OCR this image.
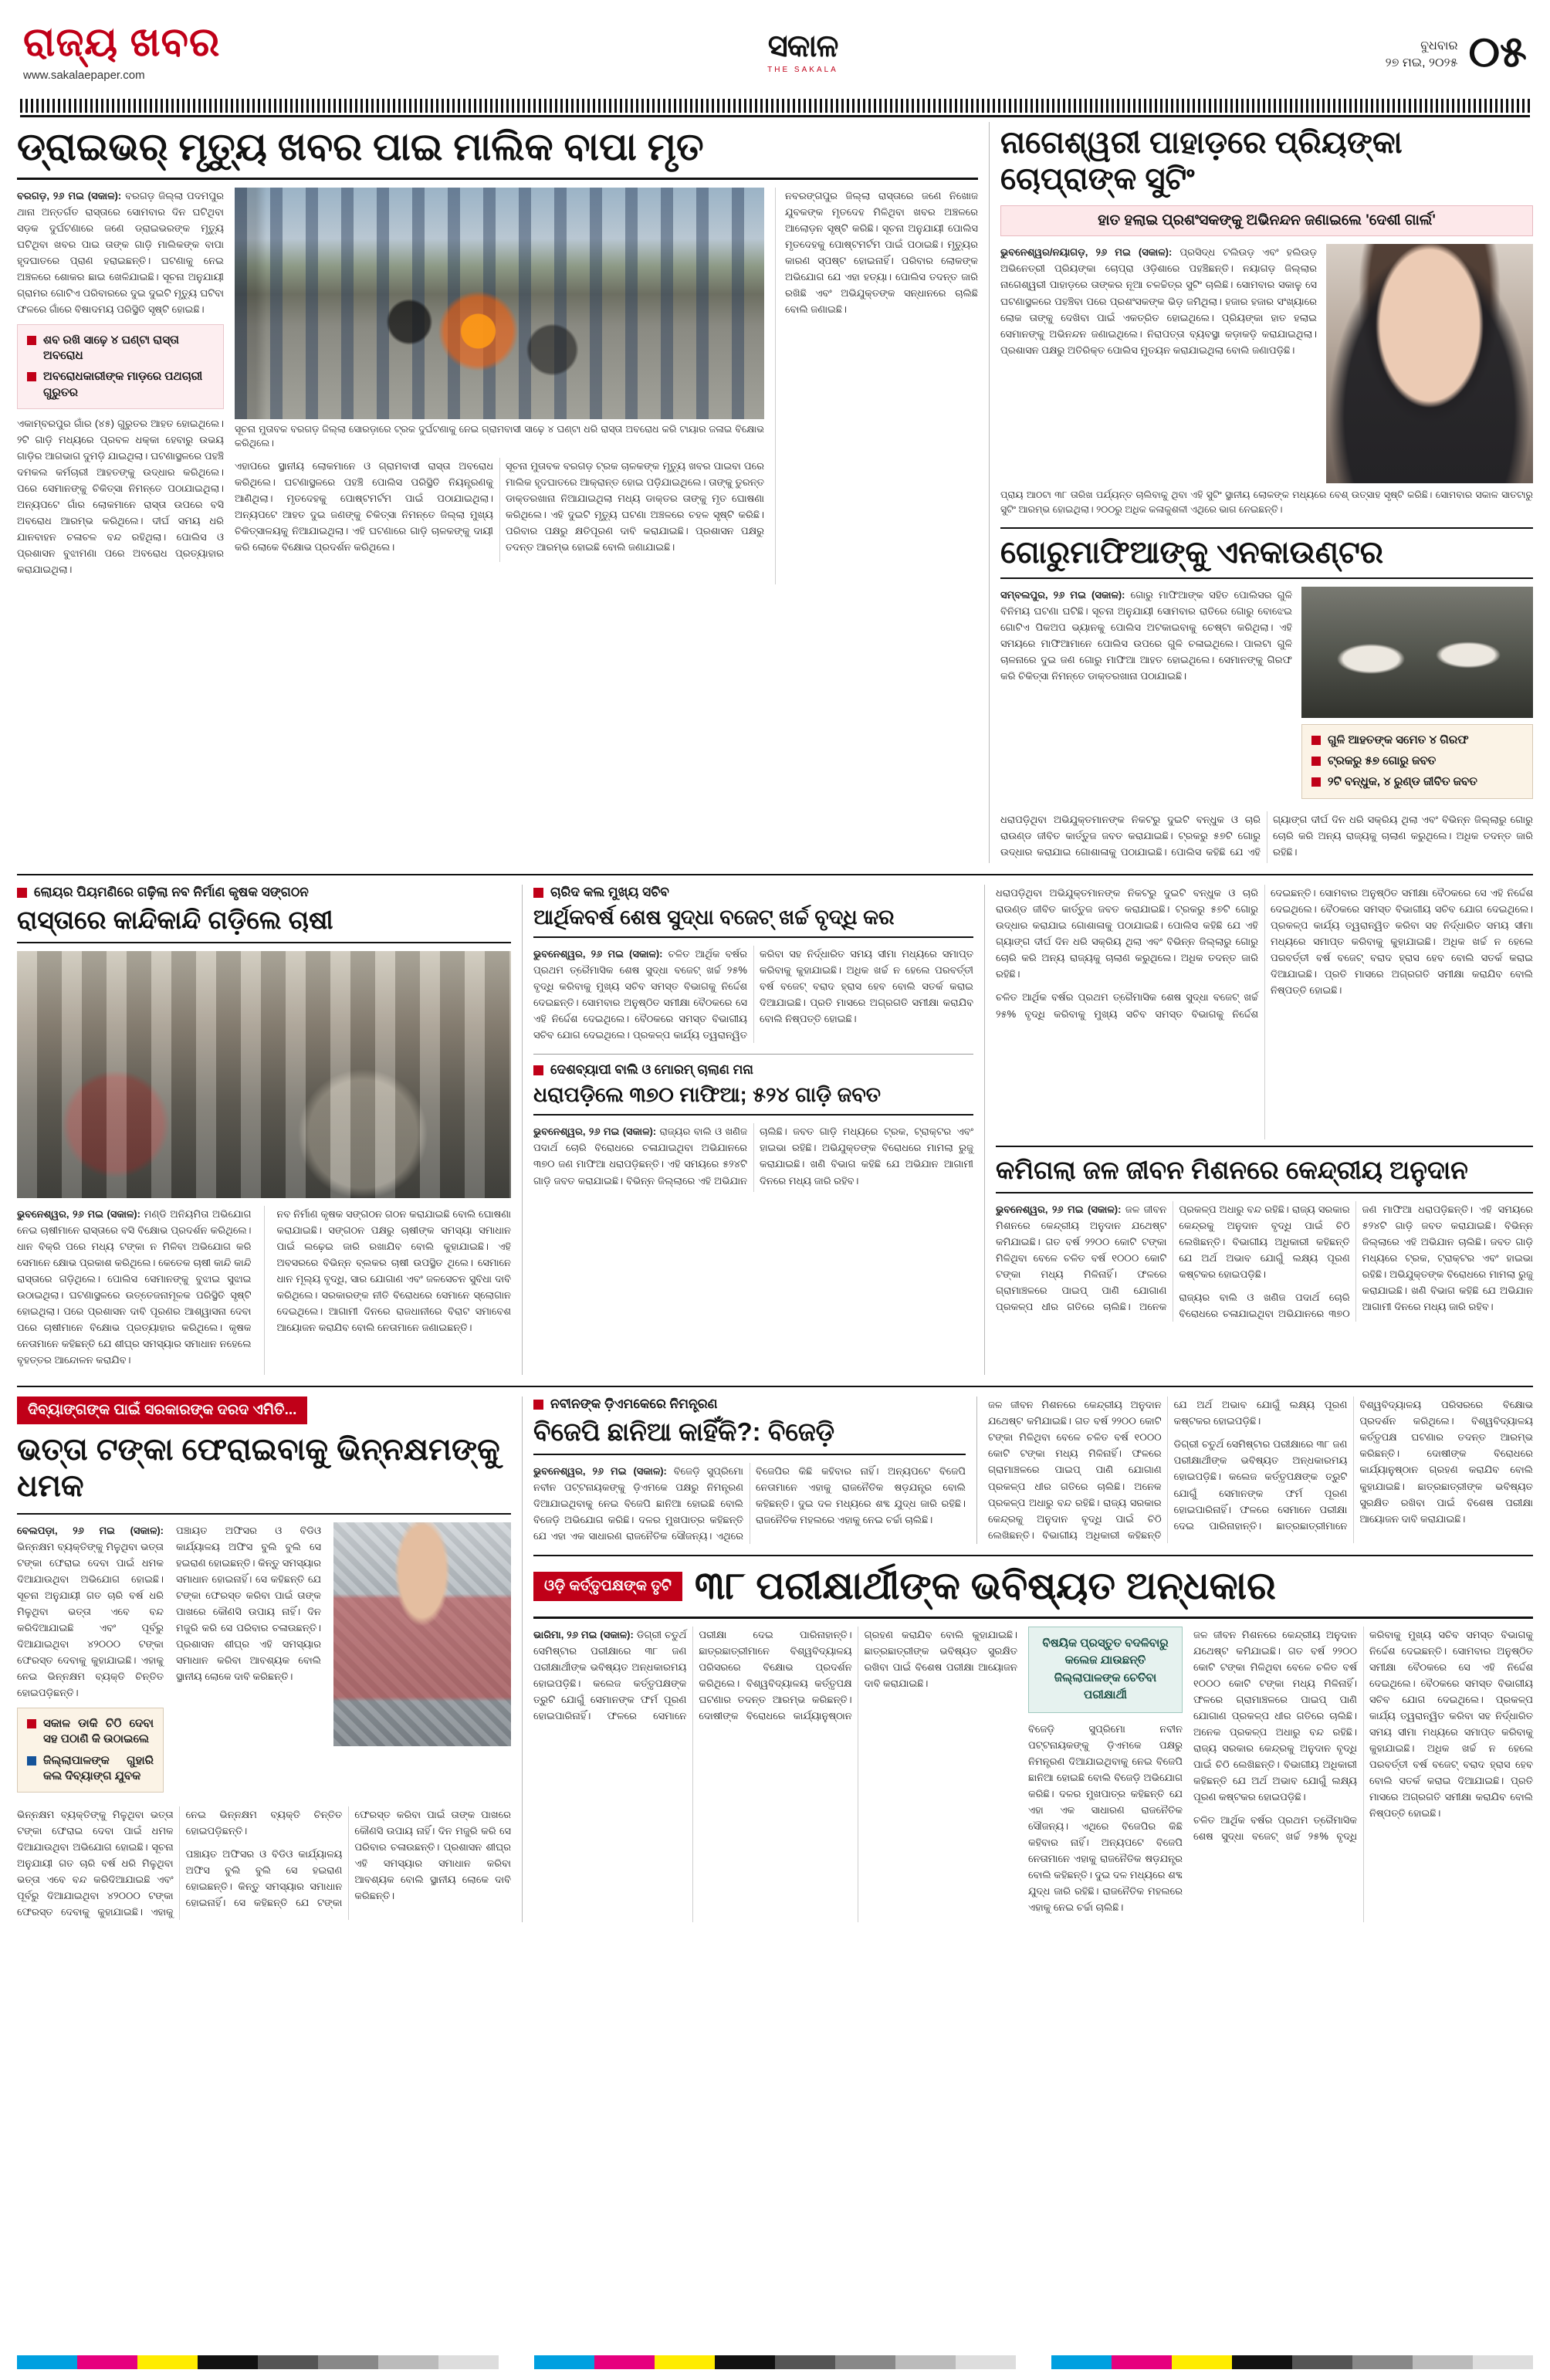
ରାଜ୍ୟ ଖବର
www.sakalaepaper.com
ସକାଳ
THE SAKALA
ବୁଧବାର
୨୭ ମଇ, ୨୦୨୫ ୦୫
ଡ୍ରାଇଭର୍ ମୃତ୍ୟୁ ଖବର ପାଇ ମାଲିକ ବାପା ମୃତ

ବରଗଡ଼, ୨୬ ମଇ (ସକାଳ): ବରଗଡ଼ ଜିଲ୍ଲା ପଦମପୁର ଥାନା ଅନ୍ତର୍ଗତ ରାସ୍ତାରେ ସୋମବାର ଦିନ ଘଟିଥିବା ସଡ଼କ ଦୁର୍ଘଟଣାରେ ଜଣେ ଡ୍ରାଇଭରଙ୍କ ମୃତ୍ୟୁ ଘଟିଥିବା ଖବର ପାଇ ତାଙ୍କ ଗାଡ଼ି ମାଲିକଙ୍କ ବାପା ହୃଦଘାତରେ ପ୍ରାଣ ହରାଇଛନ୍ତି। ଘଟଣାକୁ ନେଇ ଅଞ୍ଚଳରେ ଶୋକର ଛାଇ ଖେଳିଯାଇଛି। ସୂଚନା ଅନୁଯାୟୀ ଗ୍ରାମର ଗୋଟିଏ ପରିବାରରେ ଦୁଇ ଦୁଇଟି ମୃତ୍ୟୁ ଘଟିବା ଫଳରେ ଗାଁରେ ବିଷାଦମୟ ପରିସ୍ଥିତି ସୃଷ୍ଟି ହୋଇଛି।

ଶବ ରଖି ସାଢ଼େ ୪ ଘଣ୍ଟା ରାସ୍ତା ଅବରୋଧ
ଅବରୋଧକାରୀଙ୍କ ମାଡ଼ରେ ପଥଚାରୀ ଗୁରୁତର

ଏକାମ୍ବରପୁର ଗାଁର (୪୫) ଗୁରୁତର ଆହତ ହୋଇଥିଲେ। ୨ଟି ଗାଡ଼ି ମଧ୍ୟରେ ପ୍ରବଳ ଧକ୍କା ହେବାରୁ ଉଭୟ ଗାଡ଼ିର ଆଗଭାଗ ଦୁମଡ଼ି ଯାଇଥିଲା। ଘଟଣାସ୍ଥଳରେ ପହଞ୍ଚି ଦମକଲ କର୍ମଚାରୀ ଆହତଙ୍କୁ ଉଦ୍ଧାର କରିଥିଲେ। ପରେ ସେମାନଙ୍କୁ ଚିକିତ୍ସା ନିମନ୍ତେ ପଠାଯାଇଥିଲା। ଅନ୍ୟପଟେ ଗାଁର ଲୋକମାନେ ରାସ୍ତା ଉପରେ ବସି ଅବରୋଧ ଆରମ୍ଭ କରିଥିଲେ। ଦୀର୍ଘ ସମୟ ଧରି ଯାନବାହନ ଚଳାଚଳ ବନ୍ଦ ରହିଥିଲା। ପୋଲିସ ଓ ପ୍ରଶାସନ ବୁଝାମଣା ପରେ ଅବରୋଧ ପ୍ରତ୍ୟାହାର କରାଯାଇଥିଲା।

ସୂଚନା ମୁତାବକ ବରଗଡ଼ ଜିଲ୍ଲା ସୋରଡ଼ାରେ ଟ୍ରକ ଦୁର୍ଘଟଣାକୁ ନେଇ ଗ୍ରାମବାସୀ ସାଢ଼େ ୪ ଘଣ୍ଟା ଧରି ରାସ୍ତା ଅବରୋଧ କରି ଟାୟାର ଜଳାଇ ବିକ୍ଷୋଭ କରିଥିଲେ।

ଏହାପରେ ସ୍ଥାନୀୟ ଲୋକମାନେ ଓ ଗ୍ରାମବାସୀ ରାସ୍ତା ଅବରୋଧ କରିଥିଲେ। ଘଟଣାସ୍ଥଳରେ ପହଞ୍ଚି ପୋଲିସ ପରିସ୍ଥିତି ନିୟନ୍ତ୍ରଣକୁ ଆଣିଥିଲା। ମୃତଦେହକୁ ପୋଷ୍ଟମର୍ଟମ ପାଇଁ ପଠାଯାଇଥିଲା। ଅନ୍ୟପଟେ ଆହତ ଦୁଇ ଜଣଙ୍କୁ ଚିକିତ୍ସା ନିମନ୍ତେ ଜିଲ୍ଲା ମୁଖ୍ୟ ଚିକିତ୍ସାଳୟକୁ ନିଆଯାଇଥିଲା। ଏହି ଘଟଣାରେ ଗାଡ଼ି ଚାଳକଙ୍କୁ ଦାୟୀ କରି ଲୋକେ ବିକ୍ଷୋଭ ପ୍ରଦର୍ଶନ କରିଥିଲେ।

ସୂଚନା ମୁତାବକ ବରଗଡ଼ ଟ୍ରକ ଚାଳକଙ୍କ ମୃତ୍ୟୁ ଖବର ପାଇବା ପରେ ମାଲିକ ହୃଦଘାତରେ ଆକ୍ରାନ୍ତ ହୋଇ ପଡ଼ିଯାଇଥିଲେ। ତାଙ୍କୁ ତୁରନ୍ତ ଡାକ୍ତରଖାନା ନିଆଯାଇଥିଲା ମଧ୍ୟ ଡାକ୍ତର ତାଙ୍କୁ ମୃତ ଘୋଷଣା କରିଥିଲେ। ଏହି ଦୁଇଟି ମୃତ୍ୟୁ ଘଟଣା ଅଞ୍ଚଳରେ ଚହଳ ସୃଷ୍ଟି କରିଛି। ପରିବାର ପକ୍ଷରୁ କ୍ଷତିପୂରଣ ଦାବି କରାଯାଇଛି। ପ୍ରଶାସନ ପକ୍ଷରୁ ତଦନ୍ତ ଆରମ୍ଭ ହୋଇଛି ବୋଲି ଜଣାଯାଇଛି।

ନବରଙ୍ଗପୁର ଜିଲ୍ଲା ରାସ୍ତାରେ ଜଣେ ନିଖୋଜ ଯୁବକଙ୍କ ମୃତଦେହ ମିଳିଥିବା ଖବର ଅଞ୍ଚଳରେ ଆଲୋଡ଼ନ ସୃଷ୍ଟି କରିଛି। ସୂଚନା ଅନୁଯାୟୀ ପୋଲିସ ମୃତଦେହକୁ ପୋଷ୍ଟମର୍ଟମ ପାଇଁ ପଠାଇଛି। ମୃତ୍ୟୁର କାରଣ ସ୍ପଷ୍ଟ ହୋଇନାହିଁ। ପରିବାର ଲୋକଙ୍କ ଅଭିଯୋଗ ଯେ ଏହା ହତ୍ୟା। ପୋଲିସ ତଦନ୍ତ ଜାରି ରଖିଛି ଏବଂ ଅଭିଯୁକ୍ତଙ୍କ ସନ୍ଧାନରେ ଚାଲିଛି ବୋଲି ଜଣାଇଛି।

ନାଗେଶ୍ୱରୀ ପାହାଡ଼ରେ ପ୍ରିୟଙ୍କା ଚୋପ୍ରାଙ୍କ ସୁଟିଂ
ହାତ ହଲାଇ ପ୍ରଶଂସକଙ୍କୁ ଅଭିନନ୍ଦନ ଜଣାଇଲେ 'ଦେଶୀ ଗାର୍ଲ'

ଭୁବନେଶ୍ୱର/ନୟାଗଡ଼, ୨୬ ମଇ (ସକାଳ): ପ୍ରସିଦ୍ଧ ଟଲିଉଡ଼ ଏବଂ ହଲିଉଡ଼ ଅଭିନେତ୍ରୀ ପ୍ରିୟଙ୍କା ଚୋପ୍ରା ଓଡ଼ିଶାରେ ପହଞ୍ଚିଛନ୍ତି। ନୟାଗଡ଼ ଜିଲ୍ଲାର ନାଗେଶ୍ୱରୀ ପାହାଡ଼ରେ ତାଙ୍କର ନୂଆ ଚଳଚ୍ଚିତ୍ର ସୁଟିଂ ଚାଲିଛି। ସୋମବାର ସକାଳୁ ସେ ଘଟଣାସ୍ଥଳରେ ପହଞ୍ଚିବା ପରେ ପ୍ରଶଂସକଙ୍କ ଭିଡ଼ ଜମିଥିଲା। ହଜାର ହଜାର ସଂଖ୍ୟାରେ ଲୋକ ତାଙ୍କୁ ଦେଖିବା ପାଇଁ ଏକତ୍ରିତ ହୋଇଥିଲେ। ପ୍ରିୟଙ୍କା ହାତ ହଲାଇ ସେମାନଙ୍କୁ ଅଭିନନ୍ଦନ ଜଣାଇଥିଲେ। ନିରାପତ୍ତା ବ୍ୟବସ୍ଥା କଡ଼ାକଡ଼ି କରାଯାଇଥିଲା। ପ୍ରଶାସନ ପକ୍ଷରୁ ଅତିରିକ୍ତ ପୋଲିସ ମୁତୟନ କରାଯାଇଥିଲା ବୋଲି ଜଣାପଡ଼ିଛି।

ପ୍ରାୟ ଆଠଟା ୩୮ ତାରିଖ ପର୍ଯ୍ୟନ୍ତ ଚାଲିବାକୁ ଥିବା ଏହି ସୁଟିଂ ସ୍ଥାନୀୟ ଲୋକଙ୍କ ମଧ୍ୟରେ ବେଶ୍ ଉତ୍ସାହ ସୃଷ୍ଟି କରିଛି। ସୋମବାର ସକାଳ ସାତଟାରୁ ସୁଟିଂ ଆରମ୍ଭ ହୋଇଥିଲା। ୨୦୦ରୁ ଅଧିକ କଳାକୁଶଳୀ ଏଥିରେ ଭାଗ ନେଇଛନ୍ତି।
ଗୋରୁମାଫିଆଙ୍କୁ ଏନକାଉଣ୍ଟର

ସମ୍ବଲପୁର, ୨୬ ମଇ (ସକାଳ): ଗୋରୁ ମାଫିଆଙ୍କ ସହିତ ପୋଲିସର ଗୁଳି ବିନିମୟ ଘଟଣା ଘଟିଛି। ସୂଚନା ଅନୁଯାୟୀ ସୋମବାର ରାତିରେ ଗୋରୁ ବୋଝେଇ ଗୋଟିଏ ପିକଅପ ଭ୍ୟାନକୁ ପୋଲିସ ଅଟକାଇବାକୁ ଚେଷ୍ଟା କରିଥିଲା। ଏହି ସମୟରେ ମାଫିଆମାନେ ପୋଲିସ ଉପରେ ଗୁଳି ଚଳାଇଥିଲେ। ପାଲଟା ଗୁଳି ଚାଳନାରେ ଦୁଇ ଜଣ ଗୋରୁ ମାଫିଆ ଆହତ ହୋଇଥିଲେ। ସେମାନଙ୍କୁ ଗିରଫ କରି ଚିକିତ୍ସା ନିମନ୍ତେ ଡାକ୍ତରଖାନା ପଠାଯାଇଛି।

ଗୁଳି ଆହତଙ୍କ ସମେତ ୪ ଗିରଫ
ଟ୍ରକରୁ ୫୭ ଗୋରୁ ଜବତ
୨ଟି ବନ୍ଧୁକ, ୪ ରୁଣ୍ଡ ଜୀବିତ ଜବତ

ଧରାପଡ଼ିଥିବା ଅଭିଯୁକ୍ତମାନଙ୍କ ନିକଟରୁ ଦୁଇଟି ବନ୍ଧୁକ ଓ ଚାରି ରାଉଣ୍ଡ ଜୀବିତ କାର୍ତ୍ତୁଜ ଜବତ କରାଯାଇଛି। ଟ୍ରକରୁ ୫୭ଟି ଗୋରୁ ଉଦ୍ଧାର କରାଯାଇ ଗୋଶାଳାକୁ ପଠାଯାଇଛି। ପୋଲିସ କହିଛି ଯେ ଏହି ଗ୍ୟାଙ୍ଗ ଦୀର୍ଘ ଦିନ ଧରି ସକ୍ରିୟ ଥିଲା ଏବଂ ବିଭିନ୍ନ ଜିଲ୍ଲାରୁ ଗୋରୁ ଚୋରି କରି ଅନ୍ୟ ରାଜ୍ୟକୁ ଚାଲାଣ କରୁଥିଲେ। ଅଧିକ ତଦନ୍ତ ଜାରି ରହିଛି।

ଲୋୟର ପିୟମଣିରେ ଗଢ଼ିଲା ନବ ନିର୍ମାଣ କୃଷକ ସଙ୍ଗଠନ
ରାସ୍ତାରେ କାନ୍ଦିକାନ୍ଦି ଗଡ଼ିଲେ ଚାଷୀ

ଭୁବନେଶ୍ୱର, ୨୬ ମଇ (ସକାଳ): ମଣ୍ଡି ଅନିୟମିତା ଅଭିଯୋଗ ନେଇ ଚାଷୀମାନେ ରାସ୍ତାରେ ବସି ବିକ୍ଷୋଭ ପ୍ରଦର୍ଶନ କରିଥିଲେ। ଧାନ ବିକ୍ରି ପରେ ମଧ୍ୟ ଟଙ୍କା ନ ମିଳିବା ଅଭିଯୋଗ କରି ସେମାନେ କ୍ଷୋଭ ପ୍ରକାଶ କରିଥିଲେ। କେତେକ ଚାଷୀ କାନ୍ଦି କାନ୍ଦି ରାସ୍ତାରେ ଗଡ଼ିଥିଲେ। ପୋଲିସ ସେମାନଙ୍କୁ ବୁଝାଇ ସୁଝାଇ ଉଠାଇଥିଲା। ଘଟଣାସ୍ଥଳରେ ଉତ୍ତେଜନାମୂଳକ ପରିସ୍ଥିତି ସୃଷ୍ଟି ହୋଇଥିଲା। ପରେ ପ୍ରଶାସନ ଦାବି ପୂରଣର ଆଶ୍ୱାସନା ଦେବା ପରେ ଚାଷୀମାନେ ବିକ୍ଷୋଭ ପ୍ରତ୍ୟାହାର କରିଥିଲେ। କୃଷକ ନେତାମାନେ କହିଛନ୍ତି ଯେ ଶୀଘ୍ର ସମସ୍ୟାର ସମାଧାନ ନହେଲେ ବୃହତ୍ତର ଆନ୍ଦୋଳନ କରାଯିବ।

ନବ ନିର୍ମାଣ କୃଷକ ସଙ୍ଗଠନ ଗଠନ କରାଯାଇଛି ବୋଲି ଘୋଷଣା କରାଯାଇଛି। ସଙ୍ଗଠନ ପକ୍ଷରୁ ଚାଷୀଙ୍କ ସମସ୍ୟା ସମାଧାନ ପାଇଁ ଲଢ଼େଇ ଜାରି ରଖାଯିବ ବୋଲି କୁହାଯାଇଛି। ଏହି ଅବସରରେ ବିଭିନ୍ନ ବ୍ଲକର ଚାଷୀ ଉପସ୍ଥିତ ଥିଲେ। ସେମାନେ ଧାନ ମୂଲ୍ୟ ବୃଦ୍ଧି, ସାର ଯୋଗାଣ ଏବଂ ଜଳସେଚନ ସୁବିଧା ଦାବି କରିଥିଲେ। ସରକାରଙ୍କ ନୀତି ବିରୋଧରେ ସେମାନେ ସ୍ଲୋଗାନ ଦେଇଥିଲେ। ଆଗାମୀ ଦିନରେ ରାଜଧାନୀରେ ବିରାଟ ସମାବେଶ ଆୟୋଜନ କରାଯିବ ବୋଲି ନେତାମାନେ ଜଣାଇଛନ୍ତି।

ଚାରିଦ କଲ ମୁଖ୍ୟ ସଚିବ
ଆର୍ଥିକବର୍ଷ ଶେଷ ସୁଦ୍ଧା ବଜେଟ୍ ଖର୍ଚ୍ଚ ବୃଦ୍ଧି କର

ଭୁବନେଶ୍ୱର, ୨୬ ମଇ (ସକାଳ): ଚଳିତ ଆର୍ଥିକ ବର୍ଷର ପ୍ରଥମ ତ୍ରୈମାସିକ ଶେଷ ସୁଦ୍ଧା ବଜେଟ୍ ଖର୍ଚ୍ଚ ୨୫% ବୃଦ୍ଧି କରିବାକୁ ମୁଖ୍ୟ ସଚିବ ସମସ୍ତ ବିଭାଗକୁ ନିର୍ଦ୍ଦେଶ ଦେଇଛନ୍ତି। ସୋମବାର ଅନୁଷ୍ଠିତ ସମୀକ୍ଷା ବୈଠକରେ ସେ ଏହି ନିର୍ଦ୍ଦେଶ ଦେଇଥିଲେ। ବୈଠକରେ ସମସ୍ତ ବିଭାଗୀୟ ସଚିବ ଯୋଗ ଦେଇଥିଲେ। ପ୍ରକଳ୍ପ କାର୍ଯ୍ୟ ତ୍ୱରାନ୍ୱିତ କରିବା ସହ ନିର୍ଦ୍ଧାରିତ ସମୟ ସୀମା ମଧ୍ୟରେ ସମାପ୍ତ କରିବାକୁ କୁହାଯାଇଛି। ଅଧିକ ଖର୍ଚ୍ଚ ନ ହେଲେ ପରବର୍ତ୍ତୀ ବର୍ଷ ବଜେଟ୍ ବରାଦ ହ୍ରାସ ହେବ ବୋଲି ସତର୍କ କରାଇ ଦିଆଯାଇଛି। ପ୍ରତି ମାସରେ ଅଗ୍ରଗତି ସମୀକ୍ଷା କରାଯିବ ବୋଲି ନିଷ୍ପତ୍ତି ହୋଇଛି।

ଦେଶବ୍ୟାପୀ ବାଲି ଓ ମୋରମ୍ ଚାଲାଣ ମନା
ଧରାପଡ଼ିଲେ ୩୭୦ ମାଫିଆ; ୫୨୪ ଗାଡ଼ି ଜବତ

ଭୁବନେଶ୍ୱର, ୨୬ ମଇ (ସକାଳ): ରାଜ୍ୟର ବାଲି ଓ ଖଣିଜ ପଦାର୍ଥ ଚୋରି ବିରୋଧରେ ଚଳାଯାଇଥିବା ଅଭିଯାନରେ ୩୭୦ ଜଣ ମାଫିଆ ଧରାପଡ଼ିଛନ୍ତି। ଏହି ସମୟରେ ୫୨୪ଟି ଗାଡ଼ି ଜବତ କରାଯାଇଛି। ବିଭିନ୍ନ ଜିଲ୍ଲାରେ ଏହି ଅଭିଯାନ ଚାଲିଛି। ଜବତ ଗାଡ଼ି ମଧ୍ୟରେ ଟ୍ରକ, ଟ୍ରାକ୍ଟର ଏବଂ ହାଇଭା ରହିଛି। ଅଭିଯୁକ୍ତଙ୍କ ବିରୋଧରେ ମାମଲା ରୁଜୁ କରାଯାଇଛି। ଖଣି ବିଭାଗ କହିଛି ଯେ ଅଭିଯାନ ଆଗାମୀ ଦିନରେ ମଧ୍ୟ ଜାରି ରହିବ।

ଧରାପଡ଼ିଥିବା ଅଭିଯୁକ୍ତମାନଙ୍କ ନିକଟରୁ ଦୁଇଟି ବନ୍ଧୁକ ଓ ଚାରି ରାଉଣ୍ଡ ଜୀବିତ କାର୍ତ୍ତୁଜ ଜବତ କରାଯାଇଛି। ଟ୍ରକରୁ ୫୭ଟି ଗୋରୁ ଉଦ୍ଧାର କରାଯାଇ ଗୋଶାଳାକୁ ପଠାଯାଇଛି। ପୋଲିସ କହିଛି ଯେ ଏହି ଗ୍ୟାଙ୍ଗ ଦୀର୍ଘ ଦିନ ଧରି ସକ୍ରିୟ ଥିଲା ଏବଂ ବିଭିନ୍ନ ଜିଲ୍ଲାରୁ ଗୋରୁ ଚୋରି କରି ଅନ୍ୟ ରାଜ୍ୟକୁ ଚାଲାଣ କରୁଥିଲେ। ଅଧିକ ତଦନ୍ତ ଜାରି ରହିଛି।

ଚଳିତ ଆର୍ଥିକ ବର୍ଷର ପ୍ରଥମ ତ୍ରୈମାସିକ ଶେଷ ସୁଦ୍ଧା ବଜେଟ୍ ଖର୍ଚ୍ଚ ୨୫% ବୃଦ୍ଧି କରିବାକୁ ମୁଖ୍ୟ ସଚିବ ସମସ୍ତ ବିଭାଗକୁ ନିର୍ଦ୍ଦେଶ ଦେଇଛନ୍ତି। ସୋମବାର ଅନୁଷ୍ଠିତ ସମୀକ୍ଷା ବୈଠକରେ ସେ ଏହି ନିର୍ଦ୍ଦେଶ ଦେଇଥିଲେ। ବୈଠକରେ ସମସ୍ତ ବିଭାଗୀୟ ସଚିବ ଯୋଗ ଦେଇଥିଲେ। ପ୍ରକଳ୍ପ କାର୍ଯ୍ୟ ତ୍ୱରାନ୍ୱିତ କରିବା ସହ ନିର୍ଦ୍ଧାରିତ ସମୟ ସୀମା ମଧ୍ୟରେ ସମାପ୍ତ କରିବାକୁ କୁହାଯାଇଛି। ଅଧିକ ଖର୍ଚ୍ଚ ନ ହେଲେ ପରବର୍ତ୍ତୀ ବର୍ଷ ବଜେଟ୍ ବରାଦ ହ୍ରାସ ହେବ ବୋଲି ସତର୍କ କରାଇ ଦିଆଯାଇଛି। ପ୍ରତି ମାସରେ ଅଗ୍ରଗତି ସମୀକ୍ଷା କରାଯିବ ବୋଲି ନିଷ୍ପତ୍ତି ହୋଇଛି।

କମିଗଲା ଜଳ ଜୀବନ ମିଶନରେ କେନ୍ଦ୍ରୀୟ ଅନୁଦାନ

ଭୁବନେଶ୍ୱର, ୨୬ ମଇ (ସକାଳ): ଜଳ ଜୀବନ ମିଶନରେ କେନ୍ଦ୍ରୀୟ ଅନୁଦାନ ଯଥେଷ୍ଟ କମିଯାଇଛି। ଗତ ବର୍ଷ ୨୨୦୦ କୋଟି ଟଙ୍କା ମିଳିଥିବା ବେଳେ ଚଳିତ ବର୍ଷ ୧୦୦୦ କୋଟି ଟଙ୍କା ମଧ୍ୟ ମିଳିନାହିଁ। ଫଳରେ ଗ୍ରାମାଞ୍ଚଳରେ ପାଇପ୍ ପାଣି ଯୋଗାଣ ପ୍ରକଳ୍ପ ଧୀର ଗତିରେ ଚାଲିଛି। ଅନେକ ପ୍ରକଳ୍ପ ଅଧାରୁ ବନ୍ଦ ରହିଛି। ରାଜ୍ୟ ସରକାର କେନ୍ଦ୍ରକୁ ଅନୁଦାନ ବୃଦ୍ଧି ପାଇଁ ଚିଠି ଲେଖିଛନ୍ତି। ବିଭାଗୀୟ ଅଧିକାରୀ କହିଛନ୍ତି ଯେ ଅର୍ଥ ଅଭାବ ଯୋଗୁଁ ଲକ୍ଷ୍ୟ ପୂରଣ କଷ୍ଟକର ହୋଇପଡ଼ିଛି।

ରାଜ୍ୟର ବାଲି ଓ ଖଣିଜ ପଦାର୍ଥ ଚୋରି ବିରୋଧରେ ଚଳାଯାଇଥିବା ଅଭିଯାନରେ ୩୭୦ ଜଣ ମାଫିଆ ଧରାପଡ଼ିଛନ୍ତି। ଏହି ସମୟରେ ୫୨୪ଟି ଗାଡ଼ି ଜବତ କରାଯାଇଛି। ବିଭିନ୍ନ ଜିଲ୍ଲାରେ ଏହି ଅଭିଯାନ ଚାଲିଛି। ଜବତ ଗାଡ଼ି ମଧ୍ୟରେ ଟ୍ରକ, ଟ୍ରାକ୍ଟର ଏବଂ ହାଇଭା ରହିଛି। ଅଭିଯୁକ୍ତଙ୍କ ବିରୋଧରେ ମାମଲା ରୁଜୁ କରାଯାଇଛି। ଖଣି ବିଭାଗ କହିଛି ଯେ ଅଭିଯାନ ଆଗାମୀ ଦିନରେ ମଧ୍ୟ ଜାରି ରହିବ।

ଦିବ୍ୟାଙ୍ଗଙ୍କ ପାଇଁ ସରକାରଙ୍କ ଦରଦ ଏମିତି...
ଭତ୍ତା ଟଙ୍କା ଫେରାଇବାକୁ ଭିନ୍ନକ୍ଷମଙ୍କୁ ଧମକ

ବେଲପଡ଼ା, ୨୬ ମଇ (ସକାଳ): ଭିନ୍ନକ୍ଷମ ବ୍ୟକ୍ତିଙ୍କୁ ମିଳୁଥିବା ଭତ୍ତା ଟଙ୍କା ଫେରାଇ ଦେବା ପାଇଁ ଧମକ ଦିଆଯାଉଥିବା ଅଭିଯୋଗ ହୋଇଛି। ସୂଚନା ଅନୁଯାୟୀ ଗତ ଚାରି ବର୍ଷ ଧରି ମିଳୁଥିବା ଭତ୍ତା ଏବେ ବନ୍ଦ କରିଦିଆଯାଇଛି ଏବଂ ପୂର୍ବରୁ ଦିଆଯାଇଥିବା ୪୨୦୦୦ ଟଙ୍କା ଫେରସ୍ତ ଦେବାକୁ କୁହାଯାଇଛି। ଏହାକୁ ନେଇ ଭିନ୍ନକ୍ଷମ ବ୍ୟକ୍ତି ଚିନ୍ତିତ ହୋଇପଡ଼ିଛନ୍ତି।

ସକାଳ ଡାକି ଚିଠି ଦେବା ସହ ପଠାଣି କି ଉଠାଇଲେ
ଜିଲ୍ଲାପାଳଙ୍କ ଗୁହାରି କଲ ଦିବ୍ୟାଙ୍ଗ ଯୁବକ

ପଞ୍ଚାୟତ ଅଫିସର ଓ ବିଡିଓ କାର୍ଯ୍ୟାଳୟ ଅଫିସ ବୁଲି ବୁଲି ସେ ହଇରାଣ ହୋଇଛନ୍ତି। କିନ୍ତୁ ସମସ୍ୟାର ସମାଧାନ ହୋଇନାହିଁ। ସେ କହିଛନ୍ତି ଯେ ଟଙ୍କା ଫେରସ୍ତ କରିବା ପାଇଁ ତାଙ୍କ ପାଖରେ କୌଣସି ଉପାୟ ନାହିଁ। ଦିନ ମଜୁରି କରି ସେ ପରିବାର ଚଳାଉଛନ୍ତି। ପ୍ରଶାସନ ଶୀଘ୍ର ଏହି ସମସ୍ୟାର ସମାଧାନ କରିବା ଆବଶ୍ୟକ ବୋଲି ସ୍ଥାନୀୟ ଲୋକେ ଦାବି କରିଛନ୍ତି।

ଭିନ୍ନକ୍ଷମ ବ୍ୟକ୍ତିଙ୍କୁ ମିଳୁଥିବା ଭତ୍ତା ଟଙ୍କା ଫେରାଇ ଦେବା ପାଇଁ ଧମକ ଦିଆଯାଉଥିବା ଅଭିଯୋଗ ହୋଇଛି। ସୂଚନା ଅନୁଯାୟୀ ଗତ ଚାରି ବର୍ଷ ଧରି ମିଳୁଥିବା ଭତ୍ତା ଏବେ ବନ୍ଦ କରିଦିଆଯାଇଛି ଏବଂ ପୂର୍ବରୁ ଦିଆଯାଇଥିବା ୪୨୦୦୦ ଟଙ୍କା ଫେରସ୍ତ ଦେବାକୁ କୁହାଯାଇଛି। ଏହାକୁ ନେଇ ଭିନ୍ନକ୍ଷମ ବ୍ୟକ୍ତି ଚିନ୍ତିତ ହୋଇପଡ଼ିଛନ୍ତି।

ପଞ୍ଚାୟତ ଅଫିସର ଓ ବିଡିଓ କାର୍ଯ୍ୟାଳୟ ଅଫିସ ବୁଲି ବୁଲି ସେ ହଇରାଣ ହୋଇଛନ୍ତି। କିନ୍ତୁ ସମସ୍ୟାର ସମାଧାନ ହୋଇନାହିଁ। ସେ କହିଛନ୍ତି ଯେ ଟଙ୍କା ଫେରସ୍ତ କରିବା ପାଇଁ ତାଙ୍କ ପାଖରେ କୌଣସି ଉପାୟ ନାହିଁ। ଦିନ ମଜୁରି କରି ସେ ପରିବାର ଚଳାଉଛନ୍ତି। ପ୍ରଶାସନ ଶୀଘ୍ର ଏହି ସମସ୍ୟାର ସମାଧାନ କରିବା ଆବଶ୍ୟକ ବୋଲି ସ୍ଥାନୀୟ ଲୋକେ ଦାବି କରିଛନ୍ତି।

ନବୀନଙ୍କ ଡ଼ିଏମକେରେ ନିମନ୍ତ୍ରଣ
ବିଜେପି ଛାନିଆ କାହିଁକି?: ବିଜେଡ଼ି

ଭୁବନେଶ୍ୱର, ୨୬ ମଇ (ସକାଳ): ବିଜେଡ଼ି ସୁପ୍ରିମୋ ନବୀନ ପଟ୍ଟନାୟକଙ୍କୁ ଡ଼ିଏମକେ ପକ୍ଷରୁ ନିମନ୍ତ୍ରଣ ଦିଆଯାଇଥିବାକୁ ନେଇ ବିଜେପି ଛାନିଆ ହୋଇଛି ବୋଲି ବିଜେଡ଼ି ଅଭିଯୋଗ କରିଛି। ଦଳର ମୁଖପାତ୍ର କହିଛନ୍ତି ଯେ ଏହା ଏକ ସାଧାରଣ ରାଜନୈତିକ ସୌଜନ୍ୟ। ଏଥିରେ ବିଜେପିର କିଛି କହିବାର ନାହିଁ। ଅନ୍ୟପଟେ ବିଜେପି ନେତାମାନେ ଏହାକୁ ରାଜନୈତିକ ଷଡ଼ଯନ୍ତ୍ର ବୋଲି କହିଛନ୍ତି। ଦୁଇ ଦଳ ମଧ୍ୟରେ ଶବ୍ଦ ଯୁଦ୍ଧ ଜାରି ରହିଛି। ରାଜନୈତିକ ମହଲରେ ଏହାକୁ ନେଇ ଚର୍ଚ୍ଚା ଚାଲିଛି।

ଜଳ ଜୀବନ ମିଶନରେ କେନ୍ଦ୍ରୀୟ ଅନୁଦାନ ଯଥେଷ୍ଟ କମିଯାଇଛି। ଗତ ବର୍ଷ ୨୨୦୦ କୋଟି ଟଙ୍କା ମିଳିଥିବା ବେଳେ ଚଳିତ ବର୍ଷ ୧୦୦୦ କୋଟି ଟଙ୍କା ମଧ୍ୟ ମିଳିନାହିଁ। ଫଳରେ ଗ୍ରାମାଞ୍ଚଳରେ ପାଇପ୍ ପାଣି ଯୋଗାଣ ପ୍ରକଳ୍ପ ଧୀର ଗତିରେ ଚାଲିଛି। ଅନେକ ପ୍ରକଳ୍ପ ଅଧାରୁ ବନ୍ଦ ରହିଛି। ରାଜ୍ୟ ସରକାର କେନ୍ଦ୍ରକୁ ଅନୁଦାନ ବୃଦ୍ଧି ପାଇଁ ଚିଠି ଲେଖିଛନ୍ତି। ବିଭାଗୀୟ ଅଧିକାରୀ କହିଛନ୍ତି ଯେ ଅର୍ଥ ଅଭାବ ଯୋଗୁଁ ଲକ୍ଷ୍ୟ ପୂରଣ କଷ୍ଟକର ହୋଇପଡ଼ିଛି।

ଡିଗ୍ରୀ ଚତୁର୍ଥ ସେମିଷ୍ଟାର ପରୀକ୍ଷାରେ ୩୮ ଜଣ ପରୀକ୍ଷାର୍ଥୀଙ୍କ ଭବିଷ୍ୟତ ଅନ୍ଧକାରମୟ ହୋଇପଡ଼ିଛି। କଲେଜ କର୍ତ୍ତୃପକ୍ଷଙ୍କ ତ୍ରୁଟି ଯୋଗୁଁ ସେମାନଙ୍କ ଫର୍ମ ପୂରଣ ହୋଇପାରିନାହିଁ। ଫଳରେ ସେମାନେ ପରୀକ୍ଷା ଦେଇ ପାରିନାହାନ୍ତି। ଛାତ୍ରଛାତ୍ରୀମାନେ ବିଶ୍ୱବିଦ୍ୟାଳୟ ପରିସରରେ ବିକ୍ଷୋଭ ପ୍ରଦର୍ଶନ କରିଥିଲେ। ବିଶ୍ୱବିଦ୍ୟାଳୟ କର୍ତ୍ତୃପକ୍ଷ ଘଟଣାର ତଦନ୍ତ ଆରମ୍ଭ କରିଛନ୍ତି। ଦୋଷୀଙ୍କ ବିରୋଧରେ କାର୍ଯ୍ୟାନୁଷ୍ଠାନ ଗ୍ରହଣ କରାଯିବ ବୋଲି କୁହାଯାଇଛି। ଛାତ୍ରଛାତ୍ରୀଙ୍କ ଭବିଷ୍ୟତ ସୁରକ୍ଷିତ ରଖିବା ପାଇଁ ବିଶେଷ ପରୀକ୍ଷା ଆୟୋଜନ ଦାବି କରାଯାଇଛି।

ଓଡ଼ି କର୍ତ୍ତୃପକ୍ଷଙ୍କ ତୃଟି ୩୮ ପରୀକ୍ଷାର୍ଥୀଙ୍କ ଭବିଷ୍ୟତ ଅନ୍ଧକାର

ଭାରିମା, ୨୬ ମଇ (ସକାଳ): ଡିଗ୍ରୀ ଚତୁର୍ଥ ସେମିଷ୍ଟାର ପରୀକ୍ଷାରେ ୩୮ ଜଣ ପରୀକ୍ଷାର୍ଥୀଙ୍କ ଭବିଷ୍ୟତ ଅନ୍ଧକାରମୟ ହୋଇପଡ଼ିଛି। କଲେଜ କର୍ତ୍ତୃପକ୍ଷଙ୍କ ତ୍ରୁଟି ଯୋଗୁଁ ସେମାନଙ୍କ ଫର୍ମ ପୂରଣ ହୋଇପାରିନାହିଁ। ଫଳରେ ସେମାନେ ପରୀକ୍ଷା ଦେଇ ପାରିନାହାନ୍ତି। ଛାତ୍ରଛାତ୍ରୀମାନେ ବିଶ୍ୱବିଦ୍ୟାଳୟ ପରିସରରେ ବିକ୍ଷୋଭ ପ୍ରଦର୍ଶନ କରିଥିଲେ। ବିଶ୍ୱବିଦ୍ୟାଳୟ କର୍ତ୍ତୃପକ୍ଷ ଘଟଣାର ତଦନ୍ତ ଆରମ୍ଭ କରିଛନ୍ତି। ଦୋଷୀଙ୍କ ବିରୋଧରେ କାର୍ଯ୍ୟାନୁଷ୍ଠାନ ଗ୍ରହଣ କରାଯିବ ବୋଲି କୁହାଯାଇଛି। ଛାତ୍ରଛାତ୍ରୀଙ୍କ ଭବିଷ୍ୟତ ସୁରକ୍ଷିତ ରଖିବା ପାଇଁ ବିଶେଷ ପରୀକ୍ଷା ଆୟୋଜନ ଦାବି କରାଯାଇଛି।

ବିଷୟିକ ପ୍ରସ୍ତୁତ ବଦଳିବାରୁ କଲେଜ ଯାଉଛନ୍ତି ଜିଲ୍ଲାପାଳଙ୍କ ଚେତିବା ପରୀକ୍ଷାର୍ଥୀ

ବିଜେଡ଼ି ସୁପ୍ରିମୋ ନବୀନ ପଟ୍ଟନାୟକଙ୍କୁ ଡ଼ିଏମକେ ପକ୍ଷରୁ ନିମନ୍ତ୍ରଣ ଦିଆଯାଇଥିବାକୁ ନେଇ ବିଜେପି ଛାନିଆ ହୋଇଛି ବୋଲି ବିଜେଡ଼ି ଅଭିଯୋଗ କରିଛି। ଦଳର ମୁଖପାତ୍ର କହିଛନ୍ତି ଯେ ଏହା ଏକ ସାଧାରଣ ରାଜନୈତିକ ସୌଜନ୍ୟ। ଏଥିରେ ବିଜେପିର କିଛି କହିବାର ନାହିଁ। ଅନ୍ୟପଟେ ବିଜେପି ନେତାମାନେ ଏହାକୁ ରାଜନୈତିକ ଷଡ଼ଯନ୍ତ୍ର ବୋଲି କହିଛନ୍ତି। ଦୁଇ ଦଳ ମଧ୍ୟରେ ଶବ୍ଦ ଯୁଦ୍ଧ ଜାରି ରହିଛି। ରାଜନୈତିକ ମହଲରେ ଏହାକୁ ନେଇ ଚର୍ଚ୍ଚା ଚାଲିଛି।

ଜଳ ଜୀବନ ମିଶନରେ କେନ୍ଦ୍ରୀୟ ଅନୁଦାନ ଯଥେଷ୍ଟ କମିଯାଇଛି। ଗତ ବର୍ଷ ୨୨୦୦ କୋଟି ଟଙ୍କା ମିଳିଥିବା ବେଳେ ଚଳିତ ବର୍ଷ ୧୦୦୦ କୋଟି ଟଙ୍କା ମଧ୍ୟ ମିଳିନାହିଁ। ଫଳରେ ଗ୍ରାମାଞ୍ଚଳରେ ପାଇପ୍ ପାଣି ଯୋଗାଣ ପ୍ରକଳ୍ପ ଧୀର ଗତିରେ ଚାଲିଛି। ଅନେକ ପ୍ରକଳ୍ପ ଅଧାରୁ ବନ୍ଦ ରହିଛି। ରାଜ୍ୟ ସରକାର କେନ୍ଦ୍ରକୁ ଅନୁଦାନ ବୃଦ୍ଧି ପାଇଁ ଚିଠି ଲେଖିଛନ୍ତି। ବିଭାଗୀୟ ଅଧିକାରୀ କହିଛନ୍ତି ଯେ ଅର୍ଥ ଅଭାବ ଯୋଗୁଁ ଲକ୍ଷ୍ୟ ପୂରଣ କଷ୍ଟକର ହୋଇପଡ଼ିଛି।

ଚଳିତ ଆର୍ଥିକ ବର୍ଷର ପ୍ରଥମ ତ୍ରୈମାସିକ ଶେଷ ସୁଦ୍ଧା ବଜେଟ୍ ଖର୍ଚ୍ଚ ୨୫% ବୃଦ୍ଧି କରିବାକୁ ମୁଖ୍ୟ ସଚିବ ସମସ୍ତ ବିଭାଗକୁ ନିର୍ଦ୍ଦେଶ ଦେଇଛନ୍ତି। ସୋମବାର ଅନୁଷ୍ଠିତ ସମୀକ୍ଷା ବୈଠକରେ ସେ ଏହି ନିର୍ଦ୍ଦେଶ ଦେଇଥିଲେ। ବୈଠକରେ ସମସ୍ତ ବିଭାଗୀୟ ସଚିବ ଯୋଗ ଦେଇଥିଲେ। ପ୍ରକଳ୍ପ କାର୍ଯ୍ୟ ତ୍ୱରାନ୍ୱିତ କରିବା ସହ ନିର୍ଦ୍ଧାରିତ ସମୟ ସୀମା ମଧ୍ୟରେ ସମାପ୍ତ କରିବାକୁ କୁହାଯାଇଛି। ଅଧିକ ଖର୍ଚ୍ଚ ନ ହେଲେ ପରବର୍ତ୍ତୀ ବର୍ଷ ବଜେଟ୍ ବରାଦ ହ୍ରାସ ହେବ ବୋଲି ସତର୍କ କରାଇ ଦିଆଯାଇଛି। ପ୍ରତି ମାସରେ ଅଗ୍ରଗତି ସମୀକ୍ଷା କରାଯିବ ବୋଲି ନିଷ୍ପତ୍ତି ହୋଇଛି।
